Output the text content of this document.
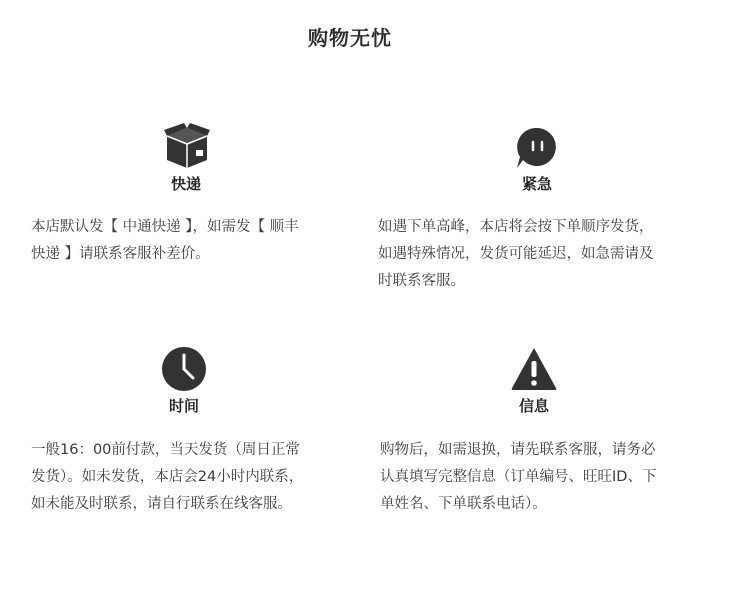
购物无忧
快递
本店默认发【 中通快递 】，如需发【 顺丰
快递 】请联系客服补差价。
紧急
如遇下单高峰，本店将会按下单顺序发货，
如遇特殊情况，发货可能延迟，如急需请及
时联系客服。
时间
一般16：00前付款，当天发货（周日正常
发货）。如未发货，本店会24小时内联系，
如未能及时联系，请自行联系在线客服。
信息
购物后，如需退换，请先联系客服，请务必
认真填写完整信息（订单编号、旺旺ID、下
单姓名、下单联系电话）。
